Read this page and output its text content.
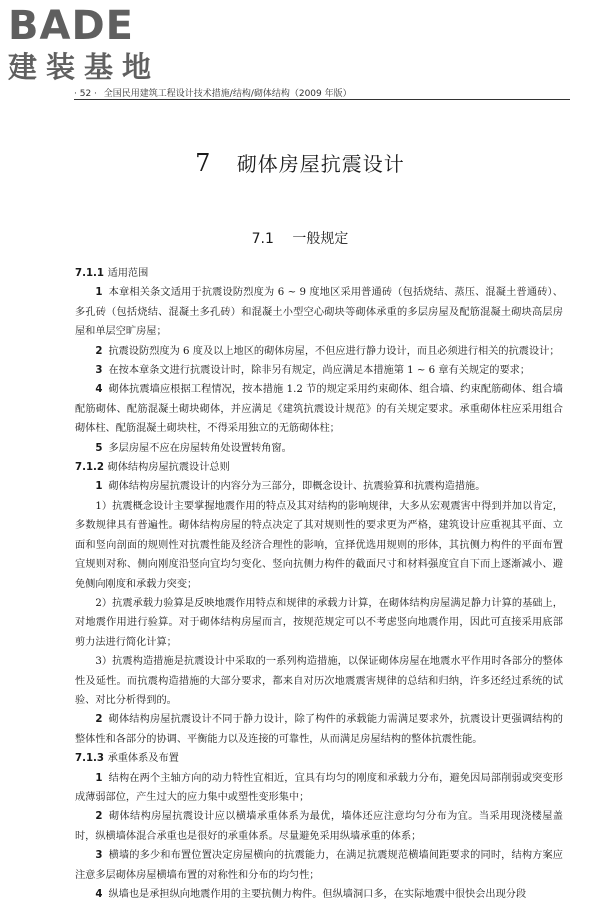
BADE
建装基地
· 52 · 全国民用建筑工程设计技术措施/结构/砌体结构（2009 年版）
7 砌体房屋抗震设计
7.1 一般规定

7.1.1 适用范围

1 本章相关条文适用于抗震设防烈度为 6 ~ 9 度地区采用普通砖（包括烧结、蒸压、混凝土普通砖）、多孔砖（包括烧结、混凝土多孔砖）和混凝土小型空心砌块等砌体承重的多层房屋及配筋混凝土砌块高层房屋和单层空旷房屋；

2 抗震设防烈度为 6 度及以上地区的砌体房屋，不但应进行静力设计，而且必须进行相关的抗震设计；

3 在按本章条文进行抗震设计时，除非另有规定，尚应满足本措施第 1 ~ 6 章有关规定的要求；

4 砌体抗震墙应根据工程情况，按本措施 1.2 节的规定采用约束砌体、组合墙、约束配筋砌体、组合墙配筋砌体、配筋混凝土砌块砌体，并应满足《建筑抗震设计规范》的有关规定要求。承重砌体柱应采用组合砌体柱、配筋混凝土砌块柱，不得采用独立的无筋砌体柱；

5 多层房屋不应在房屋转角处设置转角窗。

7.1.2 砌体结构房屋抗震设计总则

1 砌体结构房屋抗震设计的内容分为三部分，即概念设计、抗震验算和抗震构造措施。

1）抗震概念设计主要掌握地震作用的特点及其对结构的影响规律，大多从宏观震害中得到并加以肯定，多数规律具有普遍性。砌体结构房屋的特点决定了其对规则性的要求更为严格，建筑设计应重视其平面、立面和竖向剖面的规则性对抗震性能及经济合理性的影响，宜择优选用规则的形体，其抗侧力构件的平面布置宜规则对称、侧向刚度沿竖向宜均匀变化、竖向抗侧力构件的截面尺寸和材料强度宜自下而上逐渐减小、避免侧向刚度和承载力突变；

2）抗震承载力验算是反映地震作用特点和规律的承载力计算，在砌体结构房屋满足静力计算的基础上，对地震作用进行验算。对于砌体结构房屋而言，按规范规定可以不考虑竖向地震作用，因此可直接采用底部剪力法进行简化计算；

3）抗震构造措施是抗震设计中采取的一系列构造措施，以保证砌体房屋在地震水平作用时各部分的整体性及延性。而抗震构造措施的大部分要求，都来自对历次地震震害规律的总结和归纳，许多还经过系统的试验、对比分析得到的。

2 砌体结构房屋抗震设计不同于静力设计，除了构件的承载能力需满足要求外，抗震设计更强调结构的整体性和各部分的协调、平衡能力以及连接的可靠性，从而满足房屋结构的整体抗震性能。

7.1.3 承重体系及布置

1 结构在两个主轴方向的动力特性宜相近，宜具有均匀的刚度和承载力分布，避免因局部削弱或突变形成薄弱部位，产生过大的应力集中或塑性变形集中；

2 砌体结构房屋抗震设计应以横墙承重体系为最优，墙体还应注意均匀分布为宜。当采用现浇楼屋盖时，纵横墙体混合承重也是很好的承重体系。尽量避免采用纵墙承重的体系；

3 横墙的多少和布置位置决定房屋横向的抗震能力，在满足抗震规范横墙间距要求的同时，结构方案应注意多层砌体房屋横墙布置的对称性和分布的均匀性；

4 纵墙也是承担纵向地震作用的主要抗侧力构件。但纵墙洞口多，在实际地震中很快会出现分段
